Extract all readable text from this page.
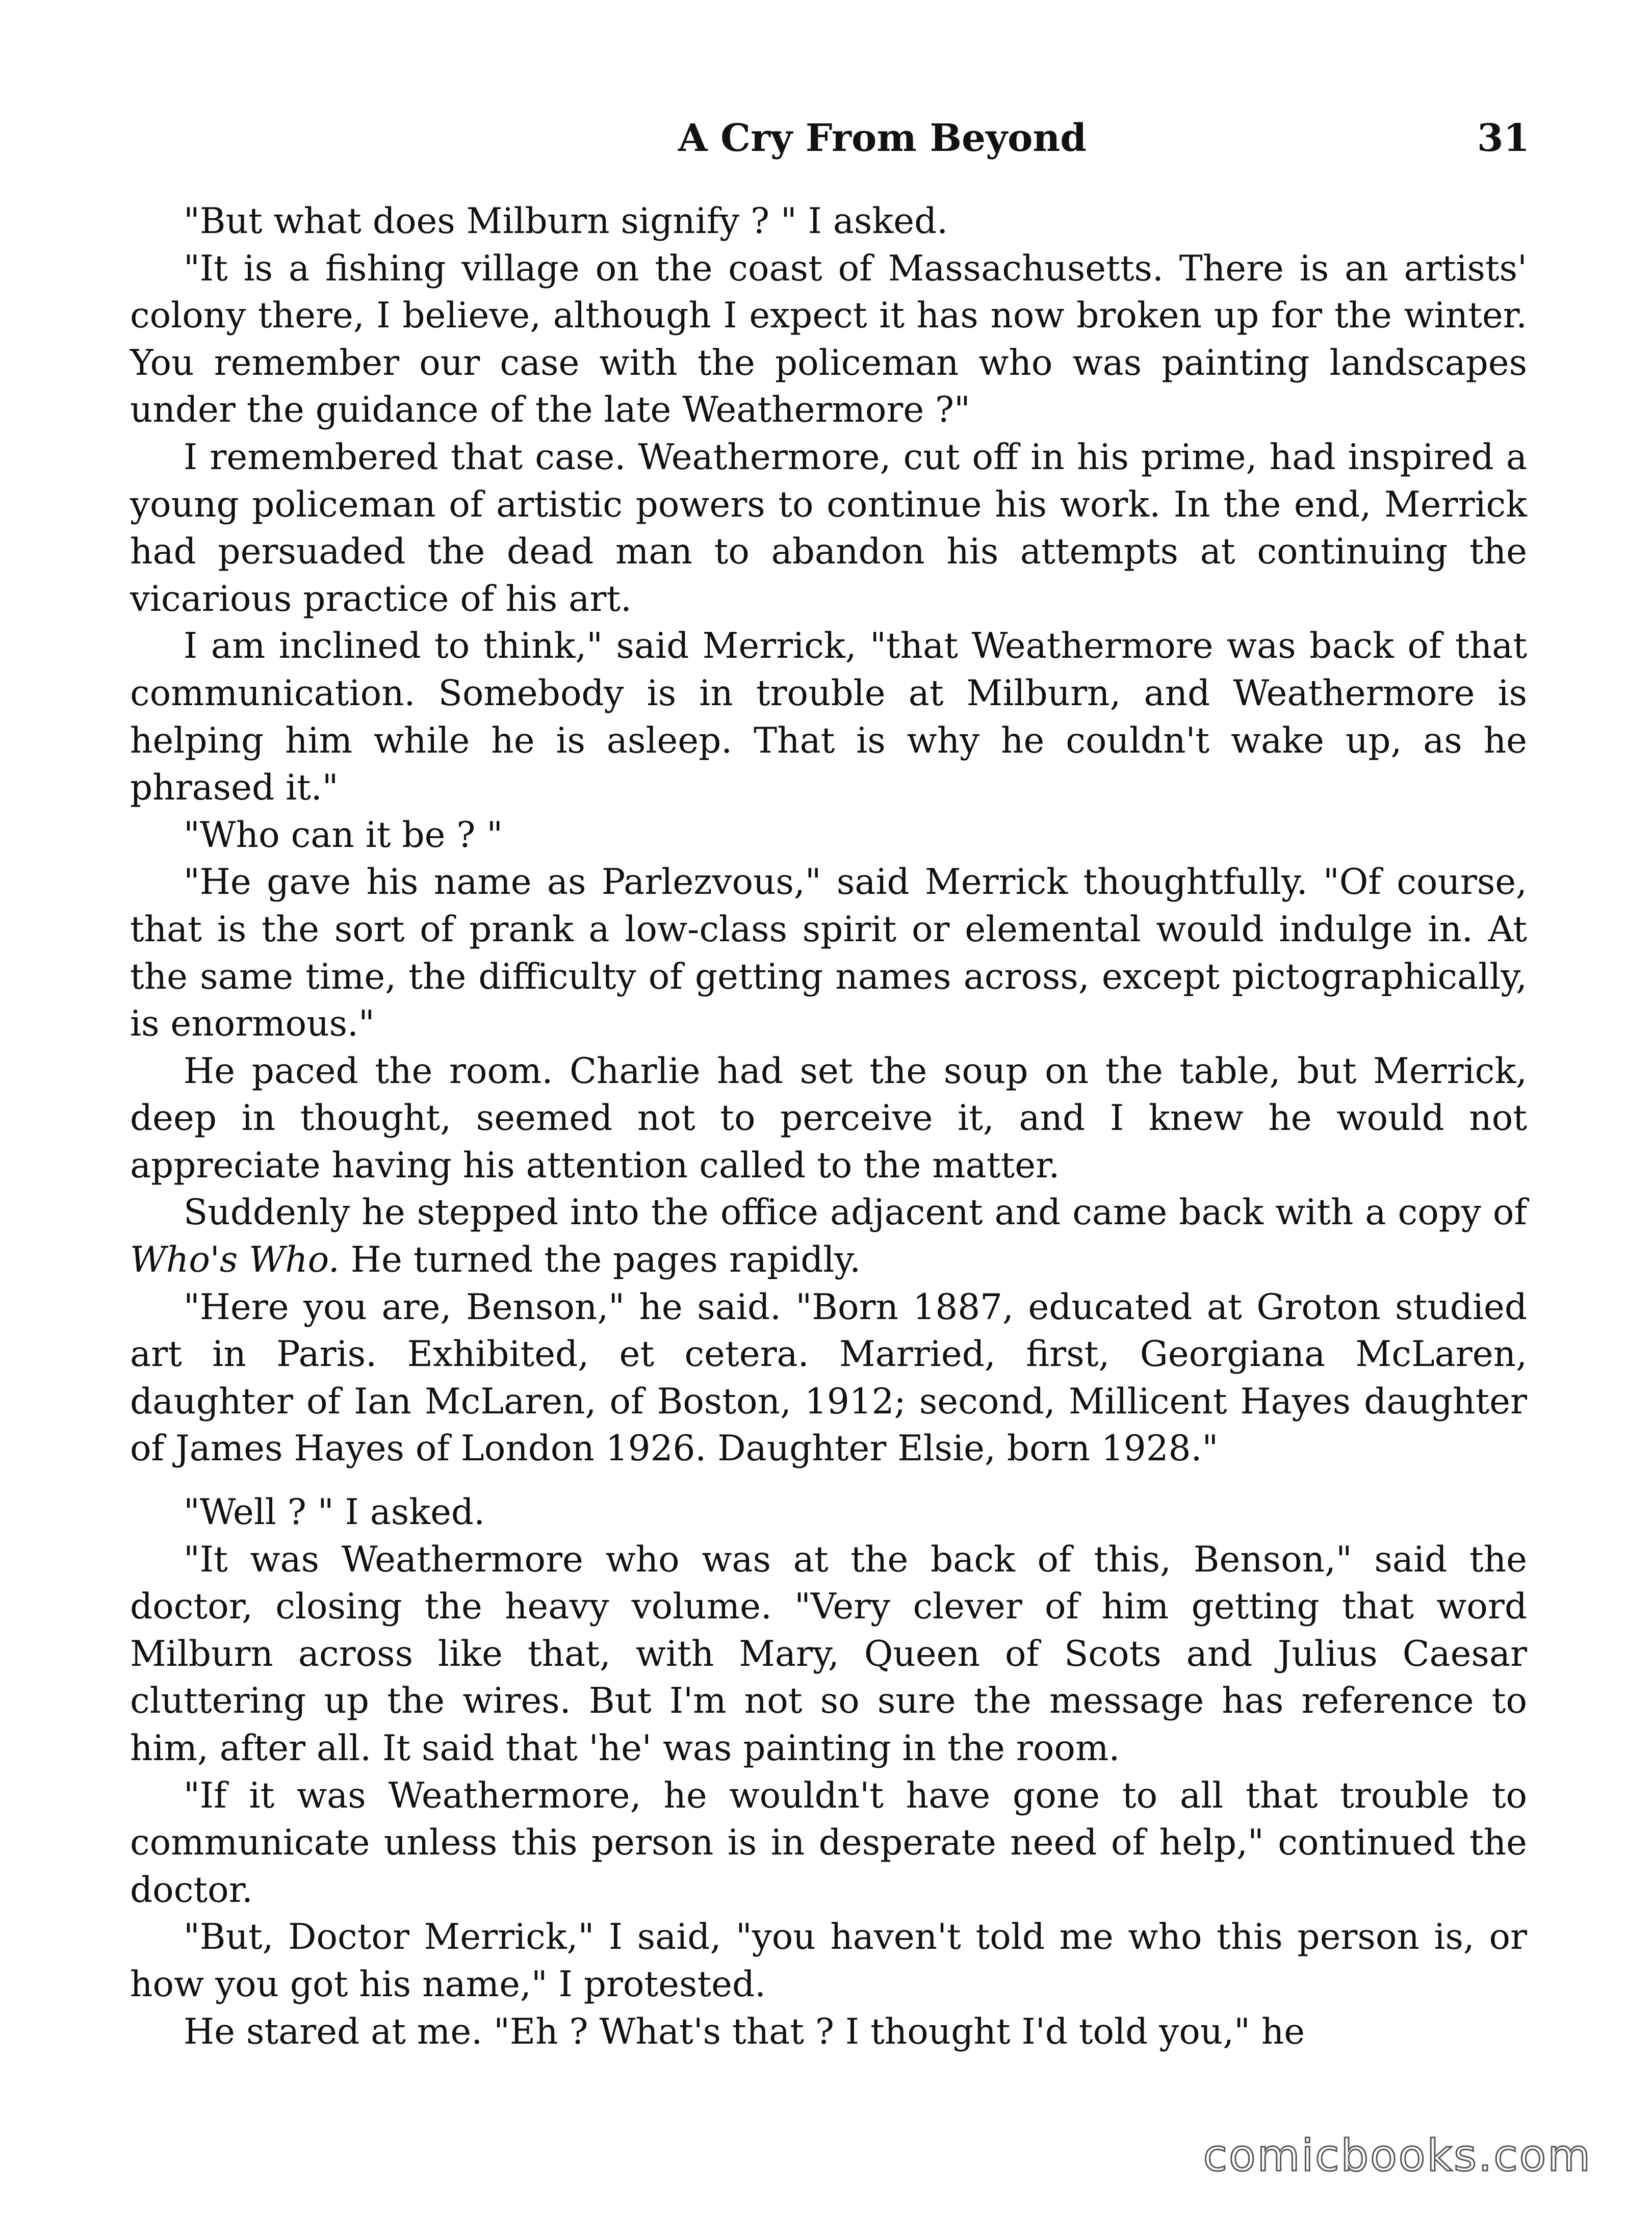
A Cry From Beyond	31

"But what does Milburn signify ? " I asked.

"It is a fishing village on the coast of Massachusetts. There is an artists' colony there, I believe, although I expect it has now broken up for the winter. You remember our case with the policeman who was painting landscapes under the guidance of the late Weathermore ?"

I remembered that case. Weathermore, cut off in his prime, had inspired a young policeman of artistic powers to continue his work. In the end, Merrick had persuaded the dead man to abandon his attempts at continuing the vicarious practice of his art.

I am inclined to think," said Merrick, "that Weathermore was back of that communication. Somebody is in trouble at Milburn, and Weathermore is helping him while he is asleep. That is why he couldn't wake up, as he phrased it."

"Who can it be ? "

"He gave his name as Parlezvous," said Merrick thoughtfully. "Of course, that is the sort of prank a low-class spirit or elemental would indulge in. At the same time, the difficulty of getting names across, except pictographically, is enormous."

He paced the room. Charlie had set the soup on the table, but Merrick, deep in thought, seemed not to perceive it, and I knew he would not appreciate having his attention called to the matter.

Suddenly he stepped into the office adjacent and came back with a copy of Who's Who. He turned the pages rapidly.

"Here you are, Benson," he said. "Born 1887, educated at Groton studied art in Paris. Exhibited, et cetera. Married, first, Georgiana McLaren, daughter of Ian McLaren, of Boston, 1912; second, Millicent Hayes daughter of James Hayes of London 1926. Daughter Elsie, born 1928."

"Well ? " I asked.

"It was Weathermore who was at the back of this, Benson," said the doctor, closing the heavy volume. "Very clever of him getting that word Milburn across like that, with Mary, Queen of Scots and Julius Caesar cluttering up the wires. But I'm not so sure the message has reference to him, after all. It said that 'he' was painting in the room.

"If it was Weathermore, he wouldn't have gone to all that trouble to communicate unless this person is in desperate need of help," continued the doctor.

"But, Doctor Merrick," I said, "you haven't told me who this person is, or how you got his name," I protested.

He stared at me. "Eh ? What's that ? I thought I'd told you," he

comicbooks.com
